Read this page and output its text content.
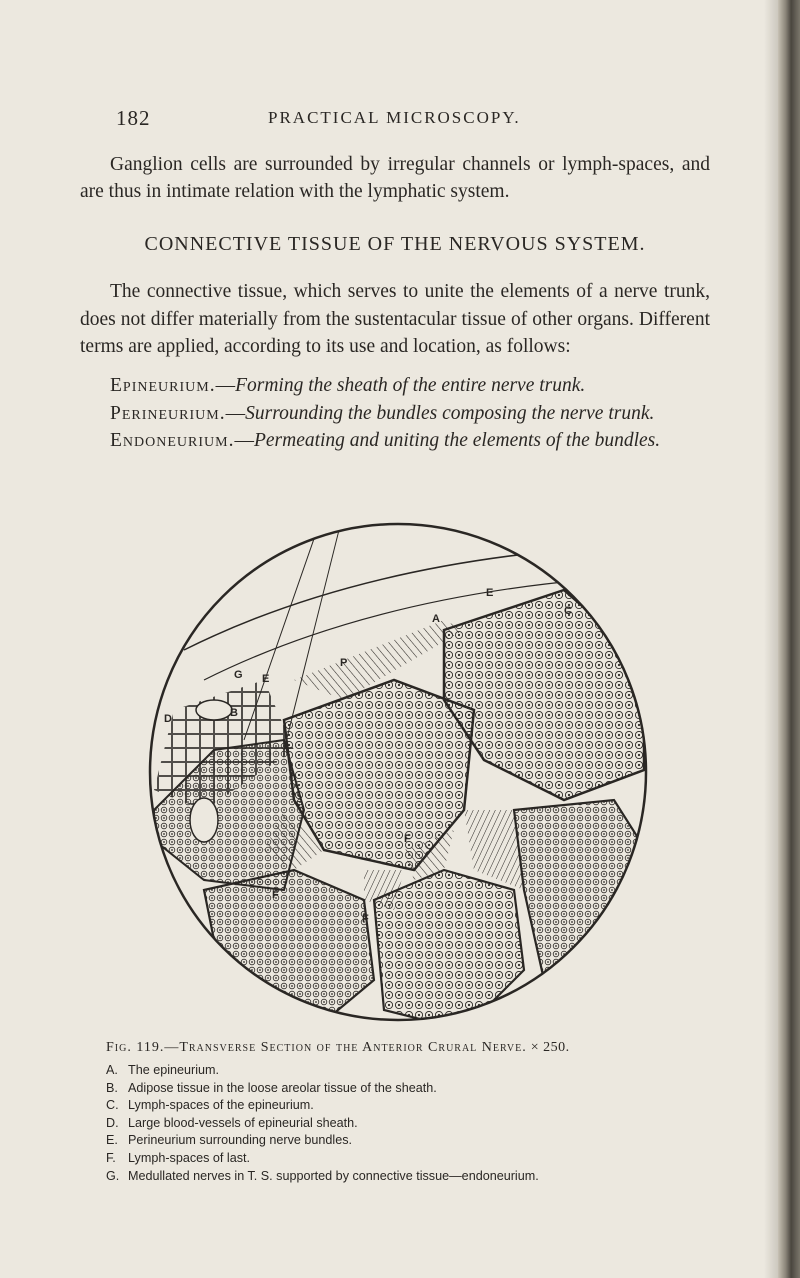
182	PRACTICAL MICROSCOPY.

Ganglion cells are surrounded by irregular channels or lymph-spaces, and are thus in intimate relation with the lymphatic system.

CONNECTIVE TISSUE OF THE NERVOUS SYSTEM.

The connective tissue, which serves to unite the elements of a nerve trunk, does not differ materially from the sustentacular tissue of other organs. Different terms are applied, according to its use and location, as follows:

Epineurium.—Forming the sheath of the entire nerve trunk.

Perineurium.—Surrounding the bundles composing the nerve trunk.

Endoneurium.—Permeating and uniting the elements of the bundles.

E
A
C
P
G E
D	B
F
F
F
Fig. 119.—Transverse Section of the Anterior Crural Nerve. × 250.
A. The epineurium.
B. Adipose tissue in the loose areolar tissue of the sheath.
C. Lymph-spaces of the epineurium.
D. Large blood-vessels of epineurial sheath.
E. Perineurium surrounding nerve bundles.
F. Lymph-spaces of last.
G. Medullated nerves in T. S. supported by connective tissue—endoneurium.
